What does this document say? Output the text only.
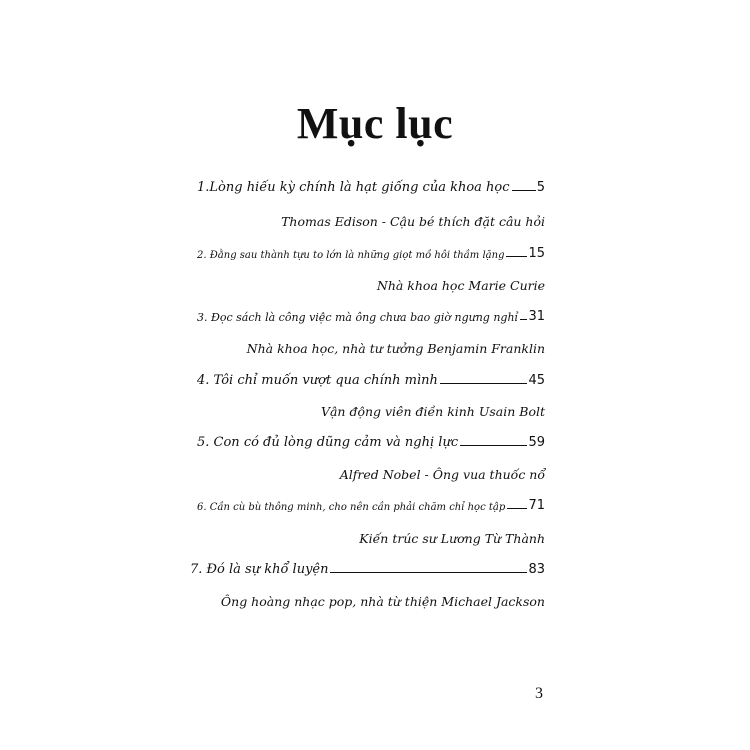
Mục lục
1.Lòng hiếu kỳ chính là hạt giống của khoa học 5
Thomas Edison - Cậu bé thích đặt câu hỏi
2. Đằng sau thành tựu to lớn là những giọt mồ hôi thầm lặng 15
Nhà khoa học Marie Curie
3. Đọc sách là công việc mà ông chưa bao giờ ngưng nghỉ 31
Nhà khoa học, nhà tư tưởng Benjamin Franklin
4. Tôi chỉ muốn vượt qua chính mình	45
Vận động viên điền kinh Usain Bolt
5. Con có đủ lòng dũng cảm và nghị lực	59
Alfred Nobel - Ông vua thuốc nổ
6. Cần cù bù thông minh, cho nên cần phải chăm chỉ học tập 71
Kiến trúc sư Lương Từ Thành
7. Đó là sự khổ luyện	83
Ông hoàng nhạc pop, nhà từ thiện Michael Jackson
3
